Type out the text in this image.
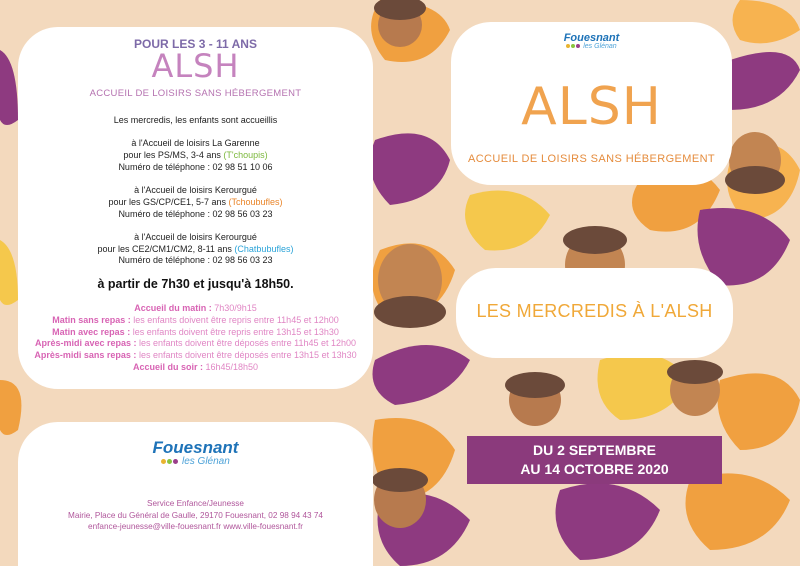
POUR LES 3 - 11 ANS
ALSH
ACCUEIL DE LOISIRS SANS HÉBERGEMENT
Les mercredis, les enfants sont accueillis
à l'Accueil de loisirs La Garenne
pour les PS/MS, 3-4 ans (T'choupis)
Numéro de téléphone : 02 98 51 10 06
à l'Accueil de loisirs Kerourgué
pour les GS/CP/CE1, 5-7 ans (Tchoubufles)
Numéro de téléphone : 02 98 56 03 23
à l'Accueil de loisirs Kerourgué
pour les CE2/CM1/CM2, 8-11 ans (Chatbubufles)
Numéro de téléphone : 02 98 56 03 23
à partir de 7h30 et jusqu'à 18h50.
Accueil du matin : 7h30/9h15
Matin sans repas : les enfants doivent être repris entre 11h45 et 12h00
Matin avec repas : les enfants doivent être repris entre 13h15 et 13h30
Après-midi avec repas : les enfants doivent être déposés entre 11h45 et 12h00
Après-midi sans repas : les enfants doivent être déposés entre 13h15 et 13h30
Accueil du soir : 16h45/18h50
Fouesnant
les Glénan
Service Enfance/Jeunesse
Mairie, Place du Général de Gaulle, 29170 Fouesnant, 02 98 94 43 74
enfance-jeunesse@ville-fouesnant.fr www.ville-fouesnant.fr
Fouesnant
les Glénan
ALSH
ACCUEIL DE LOISIRS SANS HÉBERGEMENT
LES MERCREDIS À L'ALSH
DU 2 SEPTEMBRE
AU 14 OCTOBRE 2020
